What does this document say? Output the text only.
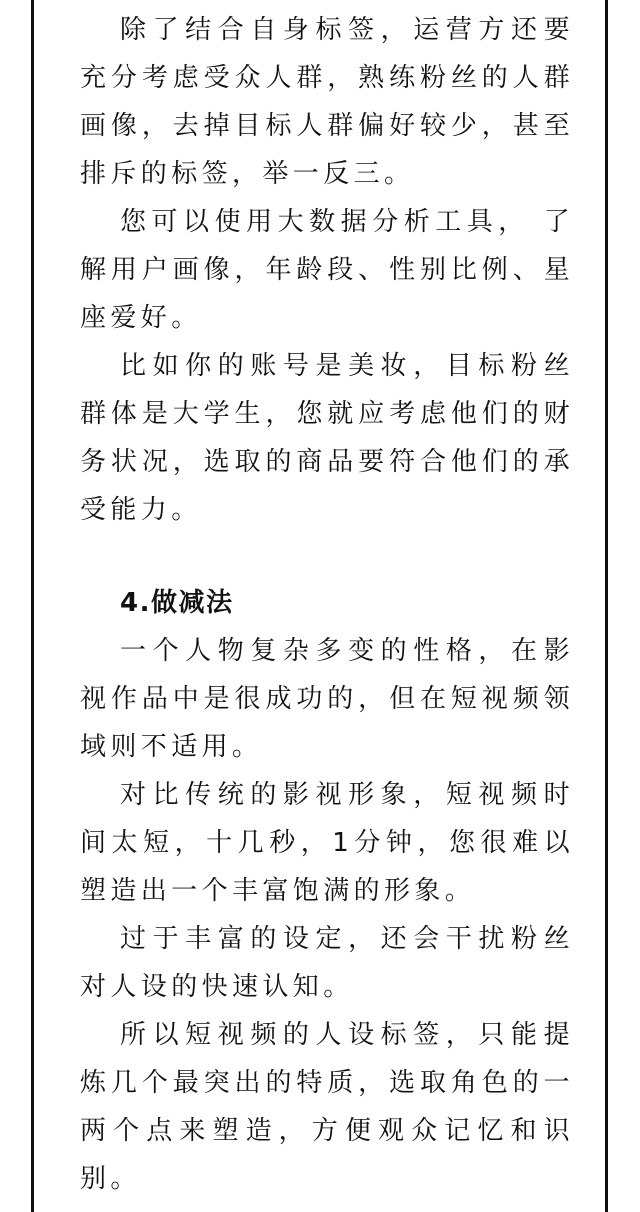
除了结合自身标签，运营方还要充分考虑受众人群，熟练粉丝的人群画像，去掉目标人群偏好较少，甚至排斥的标签，举一反三。

您可以使用大数据分析工具， 了解用户画像，年龄段、性别比例、星座爱好。

比如你的账号是美妆，目标粉丝群体是大学生，您就应考虑他们的财务状况，选取的商品要符合他们的承受能力。

4.做减法

一个人物复杂多变的性格，在影视作品中是很成功的，但在短视频领域则不适用。

对比传统的影视形象，短视频时间太短，十几秒，1分钟，您很难以塑造出一个丰富饱满的形象。

过于丰富的设定，还会干扰粉丝对人设的快速认知。

所以短视频的人设标签，只能提炼几个最突出的特质，选取角色的一两个点来塑造，方便观众记忆和识别。
